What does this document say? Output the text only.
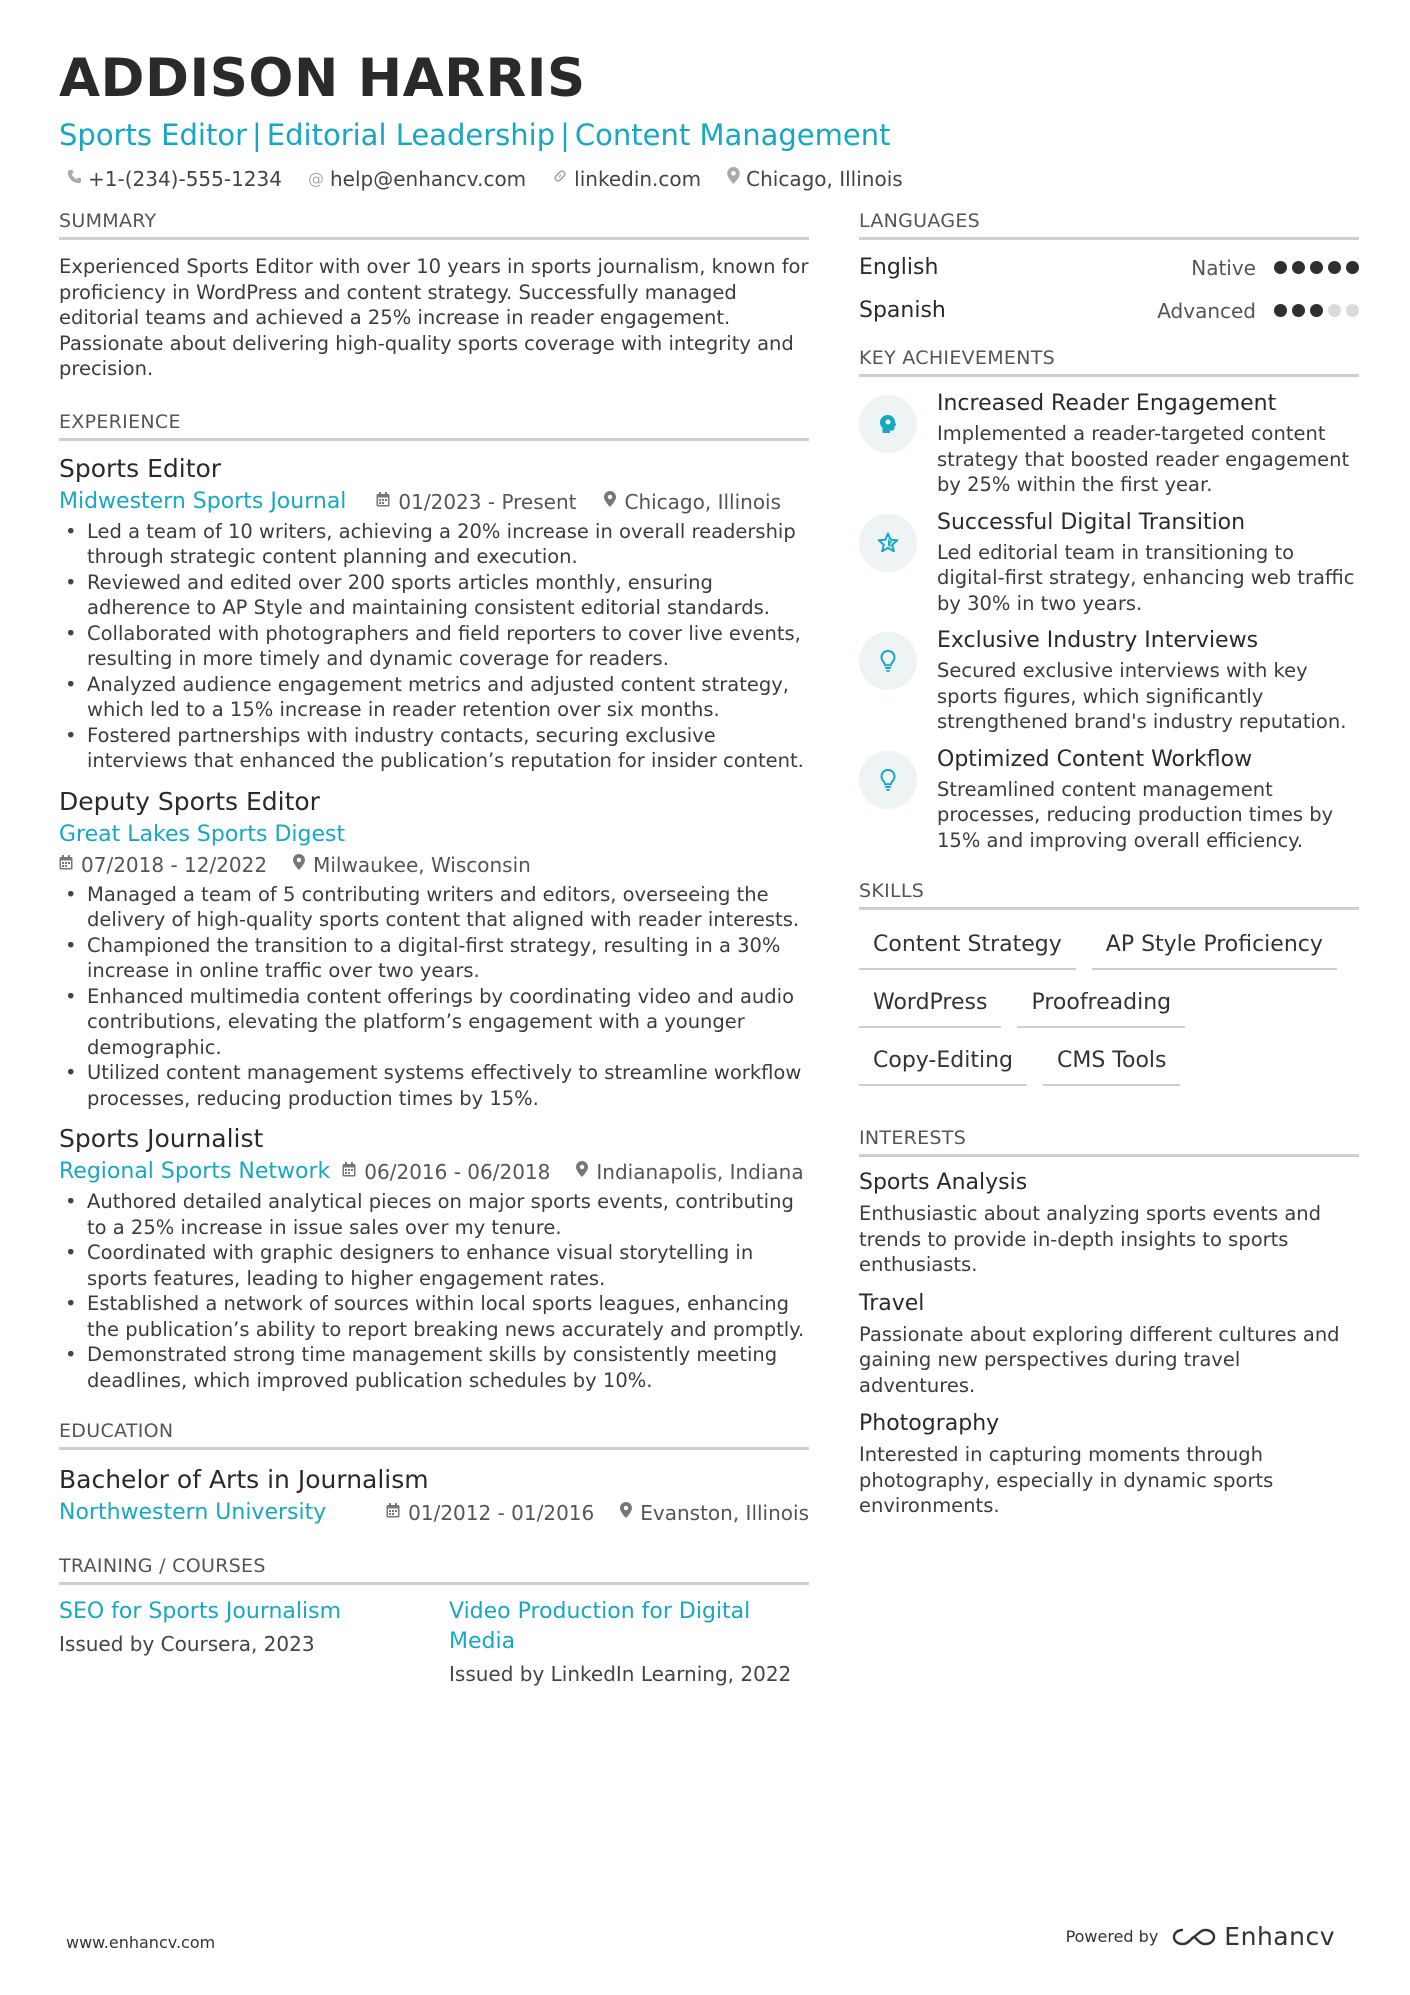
ADDISON HARRIS
Sports Editor | Editorial Leadership | Content Management
+1-(234)-555-1234 @ help@enhancv.com linkedin.com Chicago, Illinois
SUMMARY
Experienced Sports Editor with over 10 years in sports journalism, known for proficiency in WordPress and content strategy. Successfully managed editorial teams and achieved a 25% increase in reader engagement. Passionate about delivering high-quality sports coverage with integrity and precision.
EXPERIENCE
Sports Editor
Midwestern Sports Journal	01/2023 - Present Chicago, Illinois
• Led a team of 10 writers, achieving a 20% increase in overall readership through strategic content planning and execution.
• Reviewed and edited over 200 sports articles monthly, ensuring adherence to AP Style and maintaining consistent editorial standards.
• Collaborated with photographers and field reporters to cover live events, resulting in more timely and dynamic coverage for readers.
• Analyzed audience engagement metrics and adjusted content strategy, which led to a 15% increase in reader retention over six months.
• Fostered partnerships with industry contacts, securing exclusive interviews that enhanced the publication’s reputation for insider content.
Deputy Sports Editor
Great Lakes Sports Digest
07/2018 - 12/2022 Milwaukee, Wisconsin
• Managed a team of 5 contributing writers and editors, overseeing the delivery of high-quality sports content that aligned with reader interests.
• Championed the transition to a digital-first strategy, resulting in a 30% increase in online traffic over two years.
• Enhanced multimedia content offerings by coordinating video and audio contributions, elevating the platform’s engagement with a younger demographic.
• Utilized content management systems effectively to streamline workflow processes, reducing production times by 15%.
Sports Journalist
Regional Sports Network 06/2016 - 06/2018 Indianapolis, Indiana
• Authored detailed analytical pieces on major sports events, contributing to a 25% increase in issue sales over my tenure.
• Coordinated with graphic designers to enhance visual storytelling in sports features, leading to higher engagement rates.
• Established a network of sources within local sports leagues, enhancing the publication’s ability to report breaking news accurately and promptly.
• Demonstrated strong time management skills by consistently meeting deadlines, which improved publication schedules by 10%.
EDUCATION
Bachelor of Arts in Journalism
Northwestern University	01/2012 - 01/2016 Evanston, Illinois
TRAINING / COURSES
SEO for Sports Journalism
Issued by Coursera, 2023
Video Production for Digital Media
Issued by LinkedIn Learning, 2022
LANGUAGES
English	Native
Spanish	Advanced
KEY ACHIEVEMENTS
Increased Reader Engagement
Implemented a reader-targeted content strategy that boosted reader engagement by 25% within the first year.
Successful Digital Transition
Led editorial team in transitioning to digital-first strategy, enhancing web traffic by 30% in two years.
Exclusive Industry Interviews
Secured exclusive interviews with key sports figures, which significantly strengthened brand's industry reputation.
Optimized Content Workflow
Streamlined content management processes, reducing production times by 15% and improving overall efficiency.
SKILLS
Content Strategy	AP Style Proficiency
WordPress	Proofreading
Copy-Editing	CMS Tools
INTERESTS
Sports Analysis
Enthusiastic about analyzing sports events and trends to provide in-depth insights to sports enthusiasts.
Travel
Passionate about exploring different cultures and gaining new perspectives during travel adventures.
Photography
Interested in capturing moments through photography, especially in dynamic sports environments.
www.enhancv.com	Powered by	Enhancv
